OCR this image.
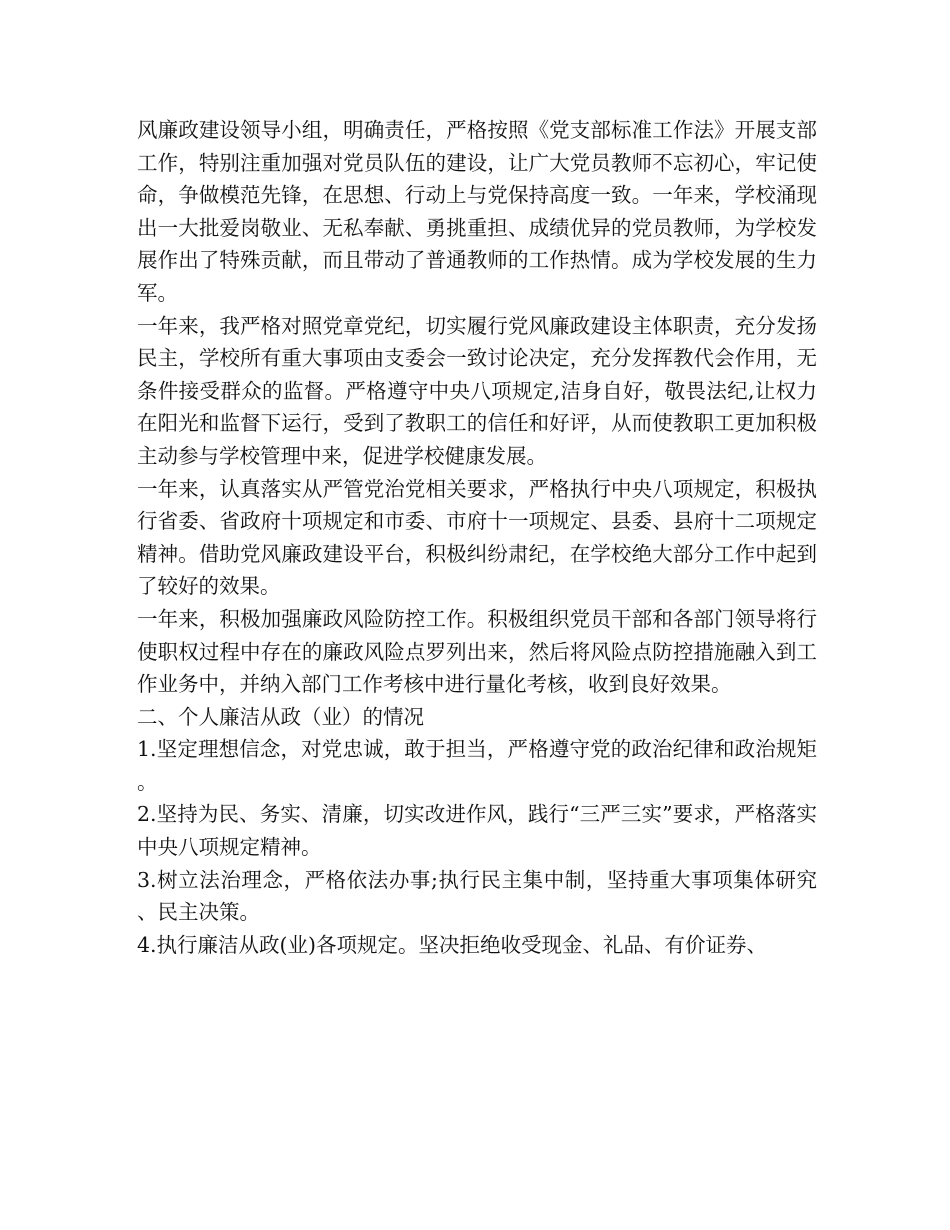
风廉政建设领导小组，明确责任，严格按照《党支部标准工作法》开展支部工作，特别注重加强对党员队伍的建设，让广大党员教师不忘初心，牢记使命，争做模范先锋，在思想、行动上与党保持高度一致。一年来，学校涌现出一大批爱岗敬业、无私奉献、勇挑重担、成绩优异的党员教师，为学校发展作出了特殊贡献，而且带动了普通教师的工作热情。成为学校发展的生力军。

一年来，我严格对照党章党纪，切实履行党风廉政建设主体职责，充分发扬民主，学校所有重大事项由支委会一致讨论决定，充分发挥教代会作用，无条件接受群众的监督。严格遵守中央八项规定,洁身自好，敬畏法纪,让权力在阳光和监督下运行，受到了教职工的信任和好评，从而使教职工更加积极主动参与学校管理中来，促进学校健康发展。

一年来，认真落实从严管党治党相关要求，严格执行中央八项规定，积极执行省委、省政府十项规定和市委、市府十一项规定、县委、县府十二项规定精神。借助党风廉政建设平台，积极纠纷肃纪，在学校绝大部分工作中起到了较好的效果。

一年来，积极加强廉政风险防控工作。积极组织党员干部和各部门领导将行使职权过程中存在的廉政风险点罗列出来，然后将风险点防控措施融入到工作业务中，并纳入部门工作考核中进行量化考核，收到良好效果。

二、个人廉洁从政（业）的情况

1.坚定理想信念，对党忠诚，敢于担当，严格遵守党的政治纪律和政治规矩。

2.坚持为民、务实、清廉，切实改进作风，践行“三严三实”要求，严格落实中央八项规定精神。

3.树立法治理念，严格依法办事;执行民主集中制，坚持重大事项集体研究、民主决策。

4.执行廉洁从政(业)各项规定。坚决拒绝收受现金、礼品、有价证券、
